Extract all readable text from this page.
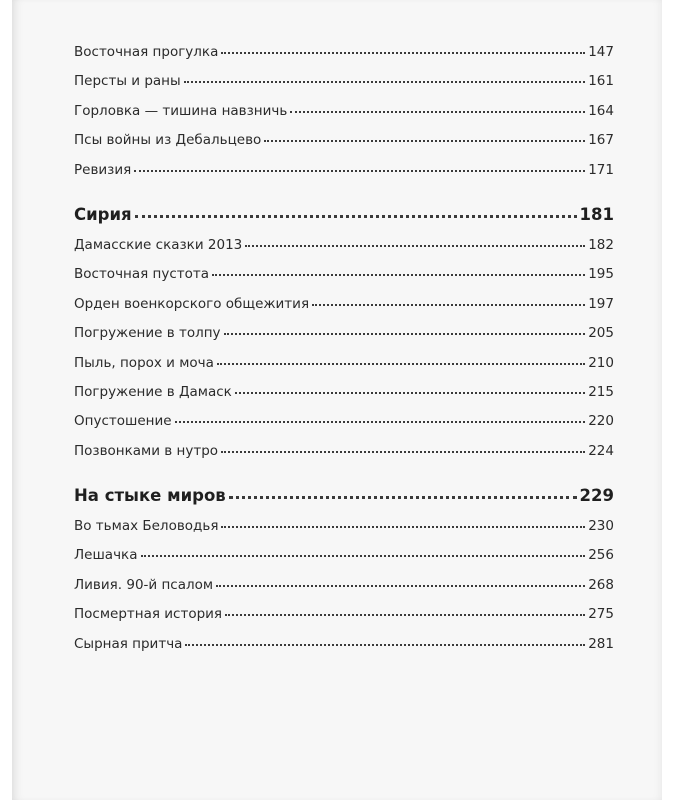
Восточная прогулка	147
Персты и раны	161
Горловка — тишина навзничь	164
Псы войны из Дебальцево	167
Ревизия	171
Сирия	181
Дамасские сказки 2013	182
Восточная пустота	195
Орден военкорского общежития	197
Погружение в толпу	205
Пыль, порох и моча	210
Погружение в Дамаск	215
Опустошение	220
Позвонками в нутро	224
На стыке миров	229
Во тьмах Беловодья	230
Лешачка	256
Ливия. 90-й псалом	268
Посмертная история	275
Сырная притча	281
